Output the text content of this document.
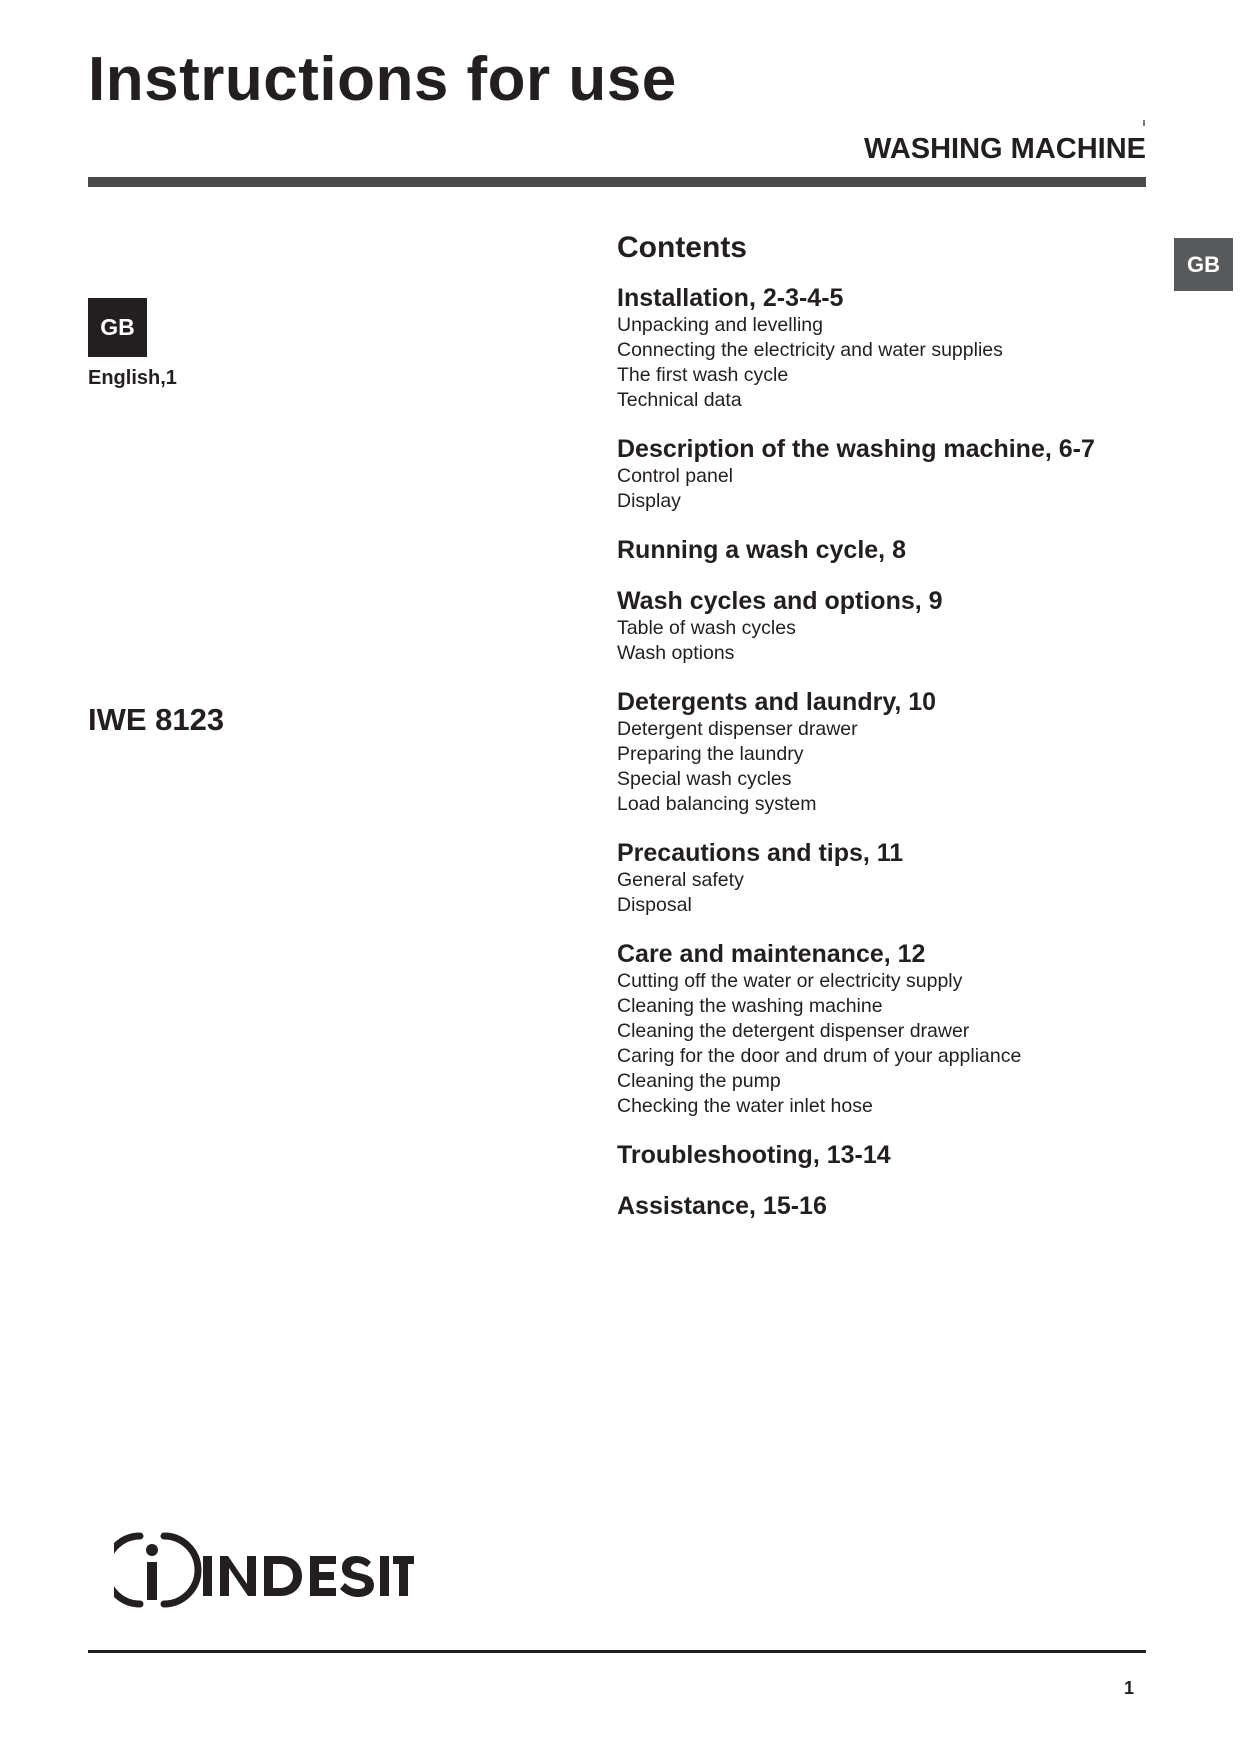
Instructions for use
WASHING MACHINE
GB
GB
English,1
IWE 8123
Contents
Installation, 2-3-4-5
Unpacking and levelling
Connecting the electricity and water supplies
The first wash cycle
Technical data
Description of the washing machine, 6-7
Control panel
Display
Running a wash cycle, 8
Wash cycles and options, 9
Table of wash cycles
Wash options
Detergents and laundry, 10
Detergent dispenser drawer
Preparing the laundry
Special wash cycles
Load balancing system
Precautions and tips, 11
General safety
Disposal
Care and maintenance, 12
Cutting off the water or electricity supply
Cleaning the washing machine
Cleaning the detergent dispenser drawer
Caring for the door and drum of your appliance
Cleaning the pump
Checking the water inlet hose
Troubleshooting, 13-14
Assistance, 15-16
INDESIT
1
